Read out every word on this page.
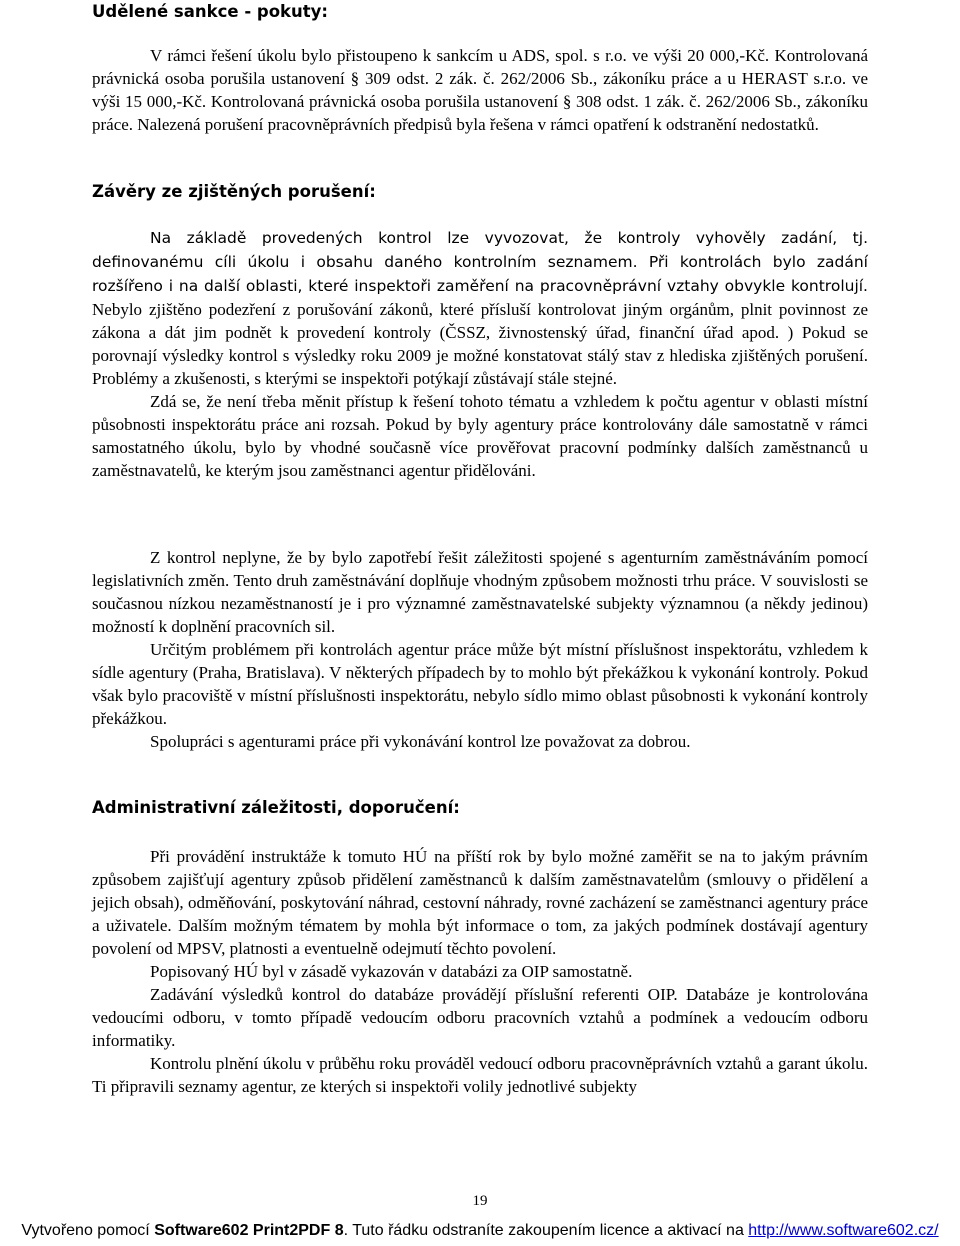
Udělené sankce - pokuty:

V rámci řešení úkolu bylo přistoupeno k sankcím u ADS, spol. s r.o. ve výši 20 000,-Kč. Kontrolovaná právnická osoba porušila ustanovení § 309 odst. 2 zák. č. 262/2006 Sb., zákoníku práce a u HERAST s.r.o. ve výši 15 000,-Kč. Kontrolovaná právnická osoba porušila ustanovení § 308 odst. 1 zák. č. 262/2006 Sb., zákoníku práce. Nalezená porušení pracovněprávních předpisů byla řešena v rámci opatření k odstranění nedostatků.

Závěry ze zjištěných porušení:

Na základě provedených kontrol lze vyvozovat, že kontroly vyhověly zadání, tj. definovanému cíli úkolu i obsahu daného kontrolním seznamem. Při kontrolách bylo zadání rozšířeno i na další oblasti, které inspektoři zaměření na pracovněprávní vztahy obvykle kontrolují. Nebylo zjištěno podezření z porušování zákonů, které přísluší kontrolovat jiným orgánům, plnit povinnost ze zákona a dát jim podnět k provedení kontroly (ČSSZ, živnostenský úřad, finanční úřad apod. ) Pokud se porovnají výsledky kontrol s výsledky roku 2009 je možné konstatovat stálý stav z hlediska zjištěných porušení. Problémy a zkušenosti, s kterými se inspektoři potýkají zůstávají stále stejné.

Zdá se, že není třeba měnit přístup k řešení tohoto tématu a vzhledem k počtu agentur v oblasti místní působnosti inspektorátu práce ani rozsah. Pokud by byly agentury práce kontrolovány dále samostatně v rámci samostatného úkolu, bylo by vhodné současně více prověřovat pracovní podmínky dalších zaměstnanců u zaměstnavatelů, ke kterým jsou zaměstnanci agentur přidělováni.

Z kontrol neplyne, že by bylo zapotřebí řešit záležitosti spojené s agenturním zaměstnáváním pomocí legislativních změn. Tento druh zaměstnávání doplňuje vhodným způsobem možnosti trhu práce. V souvislosti se současnou nízkou nezaměstnaností je i pro významné zaměstnavatelské subjekty významnou (a někdy jedinou) možností k doplnění pracovních sil.

Určitým problémem při kontrolách agentur práce může být místní příslušnost inspektorátu, vzhledem k sídle agentury (Praha, Bratislava). V některých případech by to mohlo být překážkou k vykonání kontroly. Pokud však bylo pracoviště v místní příslušnosti inspektorátu, nebylo sídlo mimo oblast působnosti k vykonání kontroly překážkou.

Spolupráci s agenturami práce při vykonávání kontrol lze považovat za dobrou.

Administrativní záležitosti, doporučení:

Při provádění instruktáže k tomuto HÚ na příští rok by bylo možné zaměřit se na to jakým právním způsobem zajišťují agentury způsob přidělení zaměstnanců k dalším zaměstnavatelům (smlouvy o přidělení a jejich obsah), odměňování, poskytování náhrad, cestovní náhrady, rovné zacházení se zaměstnanci agentury práce a uživatele. Dalším možným tématem by mohla být informace o tom, za jakých podmínek dostávají agentury povolení od MPSV, platnosti a eventuelně odejmutí těchto povolení.

Popisovaný HÚ byl v zásadě vykazován v databázi za OIP samostatně.

Zadávání výsledků kontrol do databáze provádějí příslušní referenti OIP. Databáze je kontrolována vedoucími odboru, v tomto případě vedoucím odboru pracovních vztahů a podmínek a vedoucím odboru informatiky.

Kontrolu plnění úkolu v průběhu roku prováděl vedoucí odboru pracovněprávních vztahů a garant úkolu. Ti připravili seznamy agentur, ze kterých si inspektoři volily jednotlivé subjekty

19
Vytvořeno pomocí Software602 Print2PDF 8. Tuto řádku odstraníte zakoupením licence a aktivací na http://www.software602.cz/
